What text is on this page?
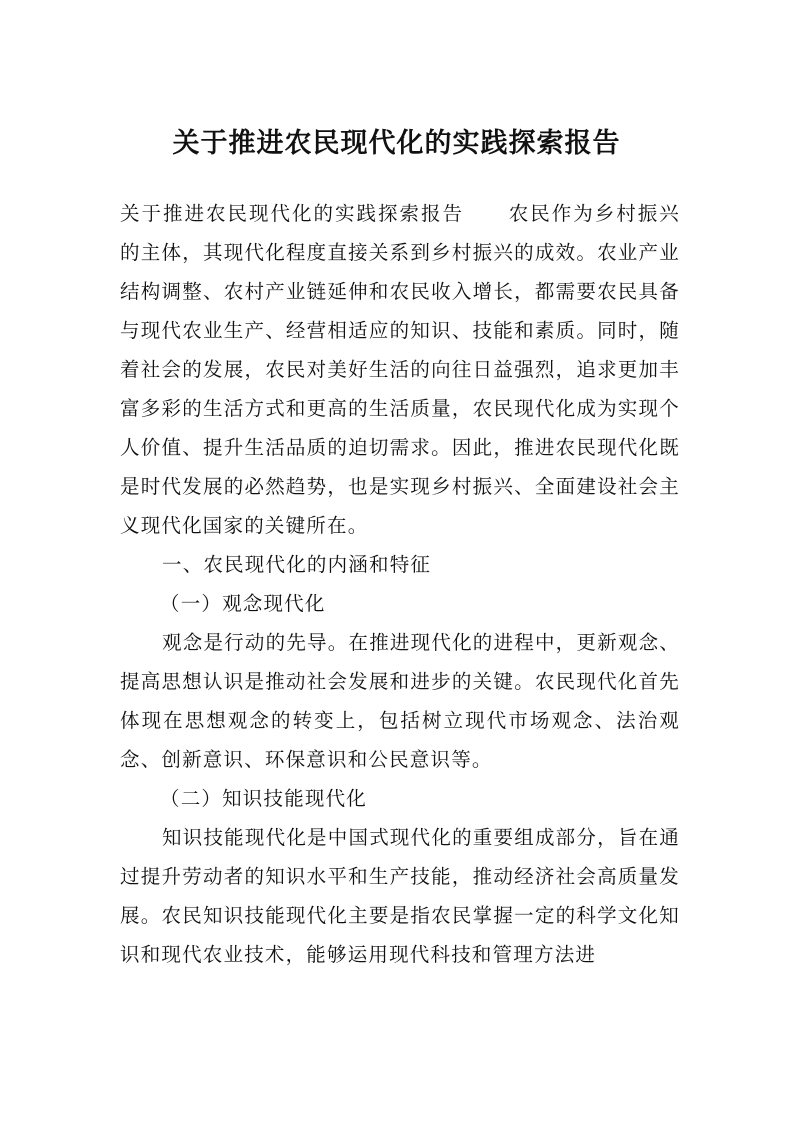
关于推进农民现代化的实践探索报告

关于推进农民现代化的实践探索报告 农民作为乡村振兴的主体，其现代化程度直接关系到乡村振兴的成效。农业产业结构调整、农村产业链延伸和农民收入增长，都需要农民具备与现代农业生产、经营相适应的知识、技能和素质。同时，随着社会的发展，农民对美好生活的向往日益强烈，追求更加丰富多彩的生活方式和更高的生活质量，农民现代化成为实现个人价值、提升生活品质的迫切需求。因此，推进农民现代化既是时代发展的必然趋势，也是实现乡村振兴、全面建设社会主义现代化国家的关键所在。

一、农民现代化的内涵和特征

（一）观念现代化

观念是行动的先导。在推进现代化的进程中，更新观念、提高思想认识是推动社会发展和进步的关键。农民现代化首先体现在思想观念的转变上，包括树立现代市场观念、法治观念、创新意识、环保意识和公民意识等。

（二）知识技能现代化

知识技能现代化是中国式现代化的重要组成部分，旨在通过提升劳动者的知识水平和生产技能，推动经济社会高质量发展。农民知识技能现代化主要是指农民掌握一定的科学文化知识和现代农业技术，能够运用现代科技和管理方法进
